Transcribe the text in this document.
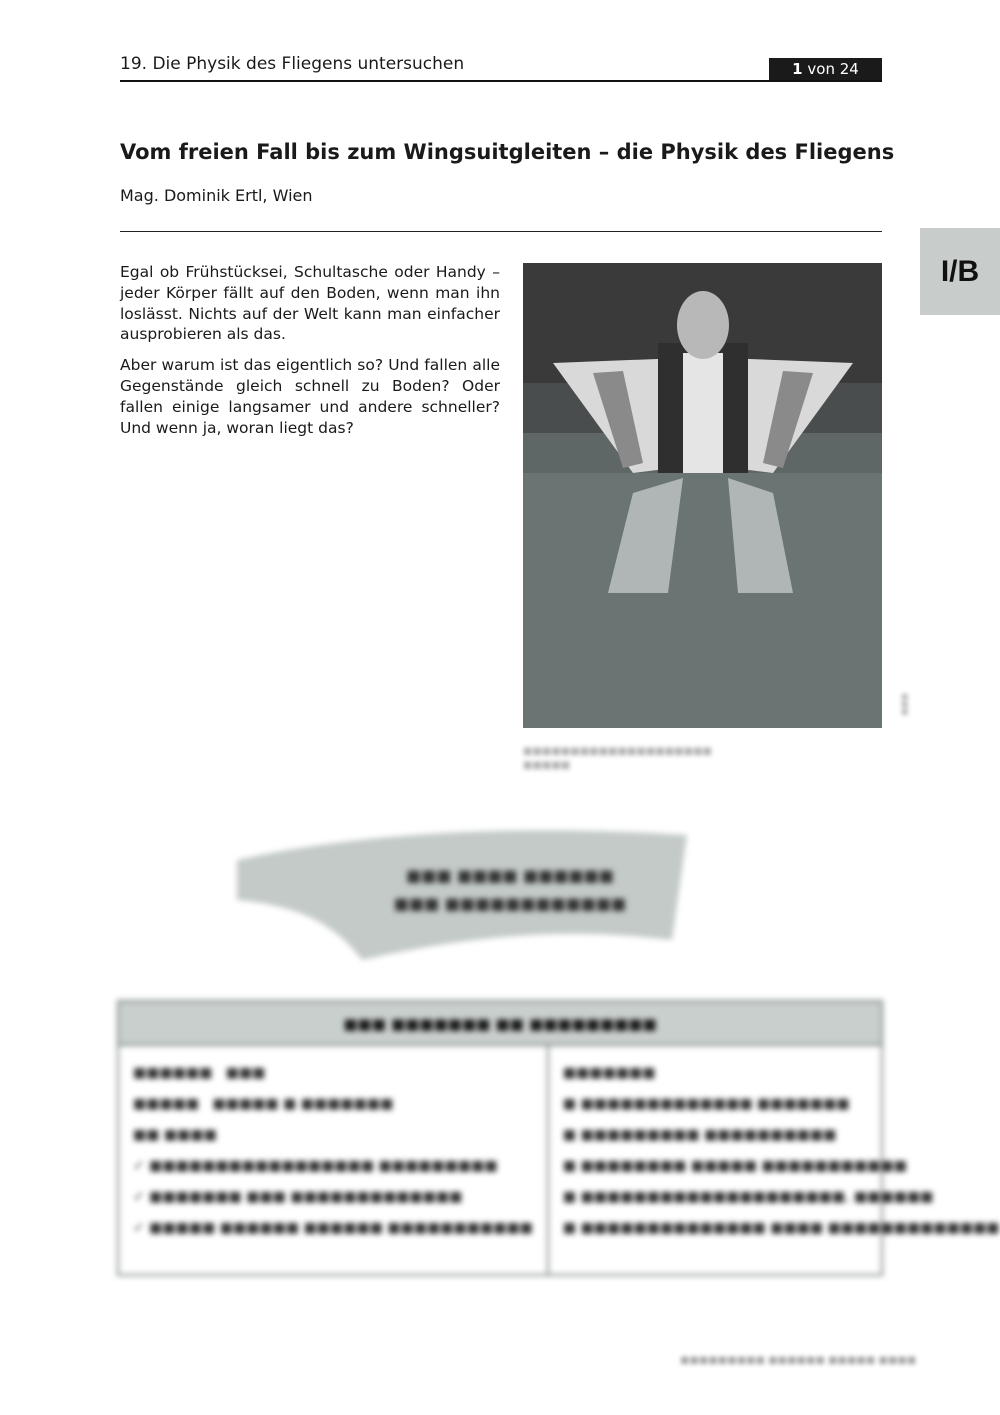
19. Die Physik des Fliegens untersuchen	1 von 24
Vom freien Fall bis zum Wingsuitgleiten – die Physik des Fliegens
Mag. Dominik Ertl, Wien
I/B

Egal ob Frühstücksei, Schultasche oder Handy – jeder Körper fällt auf den Boden, wenn man ihn loslässt. Nichts auf der Welt kann man einfacher ausprobieren als das.

Aber warum ist das eigentlich so? Und fallen alle Gegenstände gleich schnell zu Boden? Oder fallen einige langsamer und andere schneller? Und wenn ja, woran liegt das?

■■■■■■■■■■■■■■■■■■■■
■■■■■
■■■
■■■ ■■■■ ■■■■■■
■■■ ■■■■■■■■■■■■
■■■ ■■■■■■■ ■■ ■■■■■■■■■
■■■■■■   ■■■
■■■■■   ■■■■■ ■ ■■■■■■■
■■ ■■■■
✓ ■■■■■■■■■■■■■■■■■ ■■■■■■■■■
✓ ■■■■■■■ ■■■ ■■■■■■■■■■■■■
✓ ■■■■■ ■■■■■■ ■■■■■■ ■■■■■■■■■■■
■■■■■■■
■ ■■■■■■■■■■■■■ ■■■■■■■
■ ■■■■■■■■■ ■■■■■■■■■■
■ ■■■■■■■■ ■■■■■ ■■■■■■■■■■■
■ ■■■■■■■■■■■■■■■■■■■■, ■■■■■■
■ ■■■■■■■■■■■■■■ ■■■■ ■■■■■■■■■■■■■
■■■■■■■■■ ■■■■■■ ■■■■■ ■■■■
